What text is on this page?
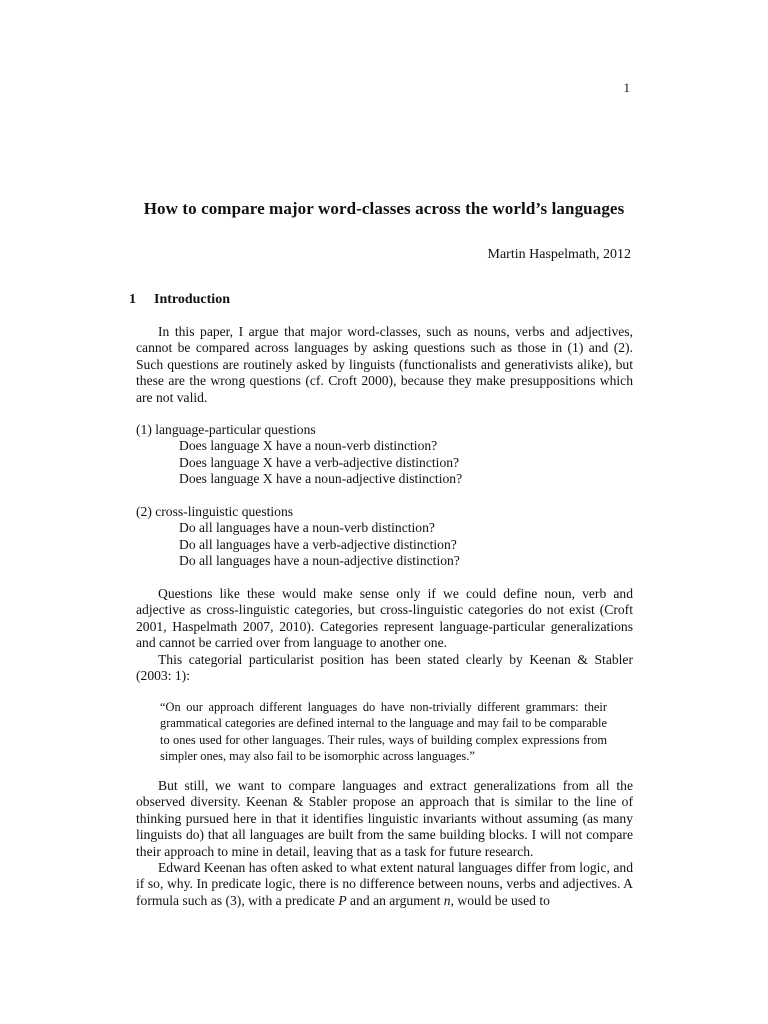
1
How to compare major word-classes across the world’s languages
Martin Haspelmath, 2012
1 Introduction

In this paper, I argue that major word-classes, such as nouns, verbs and adjectives, cannot be compared across languages by asking questions such as those in (1) and (2). Such questions are routinely asked by linguists (functionalists and generativists alike), but these are the wrong questions (cf. Croft 2000), because they make presuppositions which are not valid.

(1) language-particular questions

Does language X have a noun-verb distinction?

Does language X have a verb-adjective distinction?

Does language X have a noun-adjective distinction?

(2) cross-linguistic questions

Do all languages have a noun-verb distinction?

Do all languages have a verb-adjective distinction?

Do all languages have a noun-adjective distinction?

Questions like these would make sense only if we could define noun, verb and adjective as cross-linguistic categories, but cross-linguistic categories do not exist (Croft 2001, Haspelmath 2007, 2010). Categories represent language-particular generalizations and cannot be carried over from language to another one.

This categorial particularist position has been stated clearly by Keenan & Stabler (2003: 1):

“On our approach different languages do have non-trivially different grammars: their grammatical categories are defined internal to the language and may fail to be comparable to ones used for other languages. Their rules, ways of building complex expressions from simpler ones, may also fail to be isomorphic across languages.”

But still, we want to compare languages and extract generalizations from all the observed diversity. Keenan & Stabler propose an approach that is similar to the line of thinking pursued here in that it identifies linguistic invariants without assuming (as many linguists do) that all languages are built from the same building blocks. I will not compare their approach to mine in detail, leaving that as a task for future research.

Edward Keenan has often asked to what extent natural languages differ from logic, and if so, why. In predicate logic, there is no difference between nouns, verbs and adjectives. A formula such as (3), with a predicate P and an argument n, would be used to
